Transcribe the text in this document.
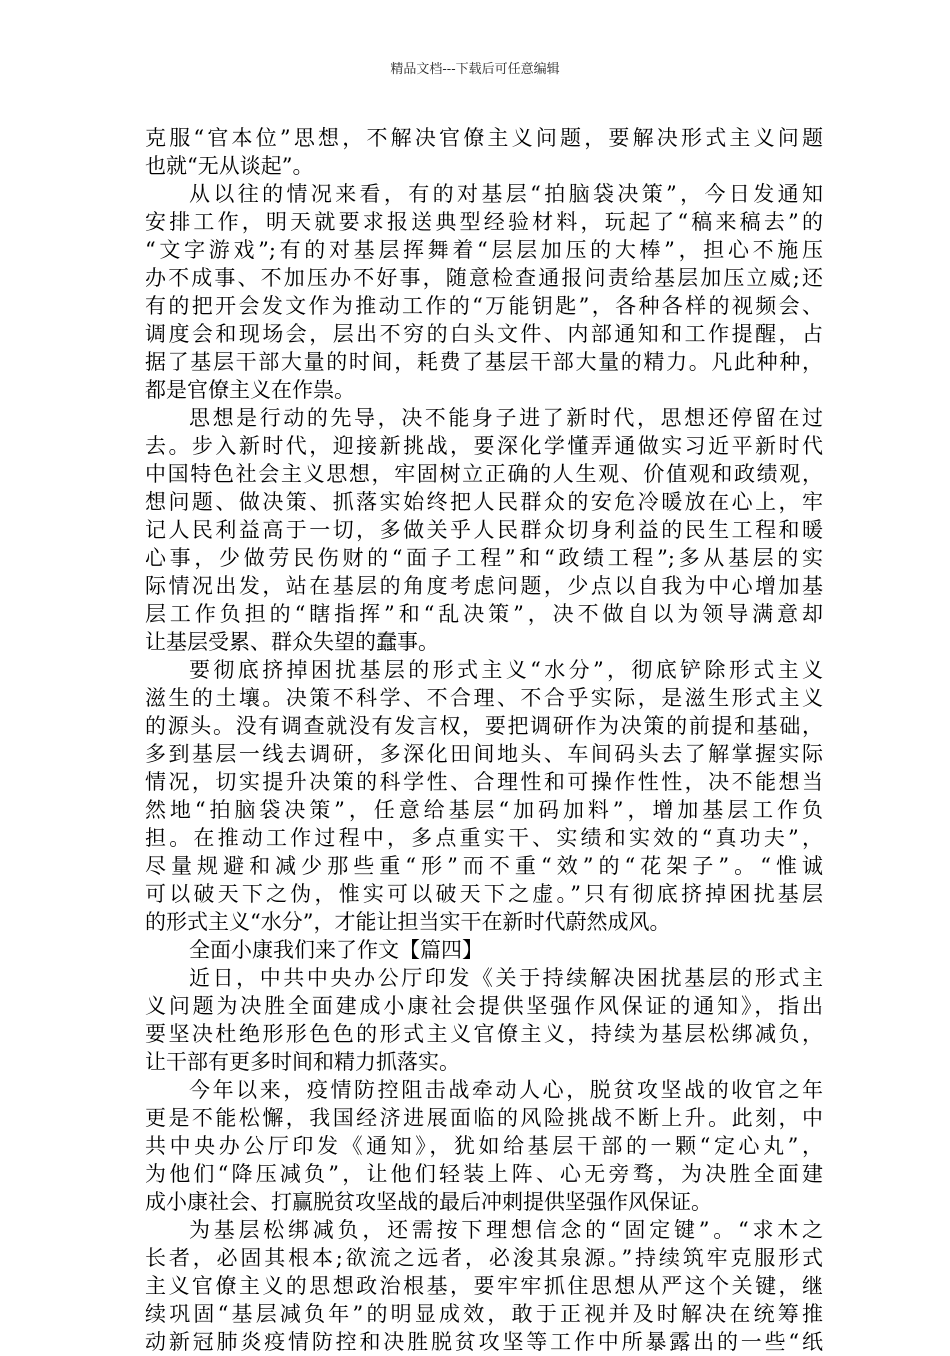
精品文档---下载后可任意编辑
克服“官本位”思想，不解决官僚主义问题，要解决形式主义问题
也就“无从谈起”。
从以往的情况来看，有的对基层“拍脑袋决策”，今日发通知
安排工作，明天就要求报送典型经验材料，玩起了“稿来稿去”的
“文字游戏”;有的对基层挥舞着“层层加压的大棒”，担心不施压
办不成事、不加压办不好事，随意检查通报问责给基层加压立威;还
有的把开会发文作为推动工作的“万能钥匙”，各种各样的视频会、
调度会和现场会，层出不穷的白头文件、内部通知和工作提醒，占
据了基层干部大量的时间，耗费了基层干部大量的精力。凡此种种，
都是官僚主义在作祟。
思想是行动的先导，决不能身子进了新时代，思想还停留在过
去。步入新时代，迎接新挑战，要深化学懂弄通做实习近平新时代
中国特色社会主义思想，牢固树立正确的人生观、价值观和政绩观，
想问题、做决策、抓落实始终把人民群众的安危冷暖放在心上，牢
记人民利益高于一切，多做关乎人民群众切身利益的民生工程和暖
心事，少做劳民伤财的“面子工程”和“政绩工程”;多从基层的实
际情况出发，站在基层的角度考虑问题，少点以自我为中心增加基
层工作负担的“瞎指挥”和“乱决策”，决不做自以为领导满意却
让基层受累、群众失望的蠢事。
要彻底挤掉困扰基层的形式主义“水分”，彻底铲除形式主义
滋生的土壤。决策不科学、不合理、不合乎实际，是滋生形式主义
的源头。没有调查就没有发言权，要把调研作为决策的前提和基础，
多到基层一线去调研，多深化田间地头、车间码头去了解掌握实际
情况，切实提升决策的科学性、合理性和可操作性性，决不能想当
然地“拍脑袋决策”，任意给基层“加码加料”，增加基层工作负
担。在推动工作过程中，多点重实干、实绩和实效的“真功夫”，
尽量规避和减少那些重“形”而不重“效”的“花架子”。“惟诚
可以破天下之伪，惟实可以破天下之虚。”只有彻底挤掉困扰基层
的形式主义“水分”，才能让担当实干在新时代蔚然成风。
全面小康我们来了作文【篇四】
近日，中共中央办公厅印发《关于持续解决困扰基层的形式主
义问题为决胜全面建成小康社会提供坚强作风保证的通知》，指出
要坚决杜绝形形色色的形式主义官僚主义，持续为基层松绑减负，
让干部有更多时间和精力抓落实。
今年以来，疫情防控阻击战牵动人心，脱贫攻坚战的收官之年
更是不能松懈，我国经济进展面临的风险挑战不断上升。此刻，中
共中央办公厅印发《通知》，犹如给基层干部的一颗“定心丸”，
为他们“降压减负”，让他们轻装上阵、心无旁骛，为决胜全面建
成小康社会、打赢脱贫攻坚战的最后冲刺提供坚强作风保证。
为基层松绑减负，还需按下理想信念的“固定键”。“求木之
长者，必固其根本;欲流之远者，必浚其泉源。”持续筑牢克服形式
主义官僚主义的思想政治根基，要牢牢抓住思想从严这个关键，继
续巩固“基层减负年”的明显成效，敢于正视并及时解决在统筹推
动新冠肺炎疫情防控和决胜脱贫攻坚等工作中所暴露出的一些“纸
